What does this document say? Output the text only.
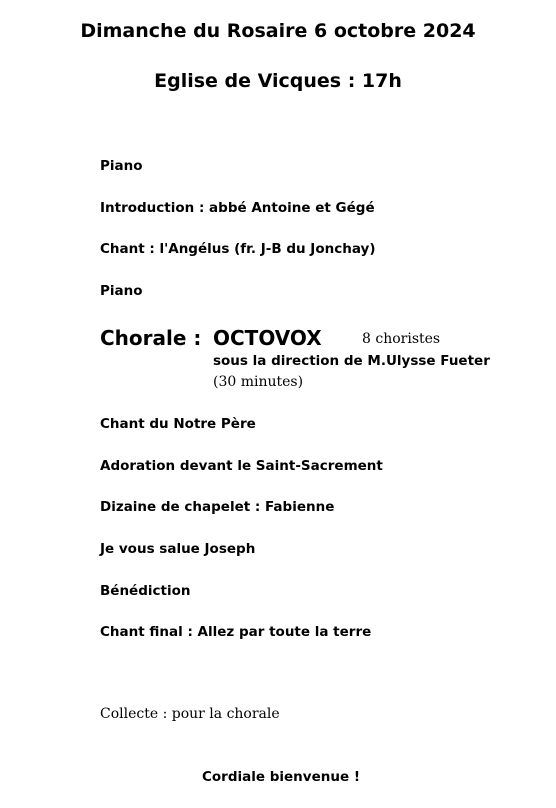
Dimanche du Rosaire 6 octobre 2024
Eglise de Vicques : 17h
Piano
Introduction : abbé Antoine et Gégé
Chant : l'Angélus (fr. J-B du Jonchay)
Piano
Chorale : OCTOVOX	8 choristes
sous la direction de M.Ulysse Fueter
(30 minutes)
Chant du Notre Père
Adoration devant le Saint-Sacrement
Dizaine de chapelet : Fabienne
Je vous salue Joseph
Bénédiction
Chant final : Allez par toute la terre
Collecte : pour la chorale
Cordiale bienvenue !
